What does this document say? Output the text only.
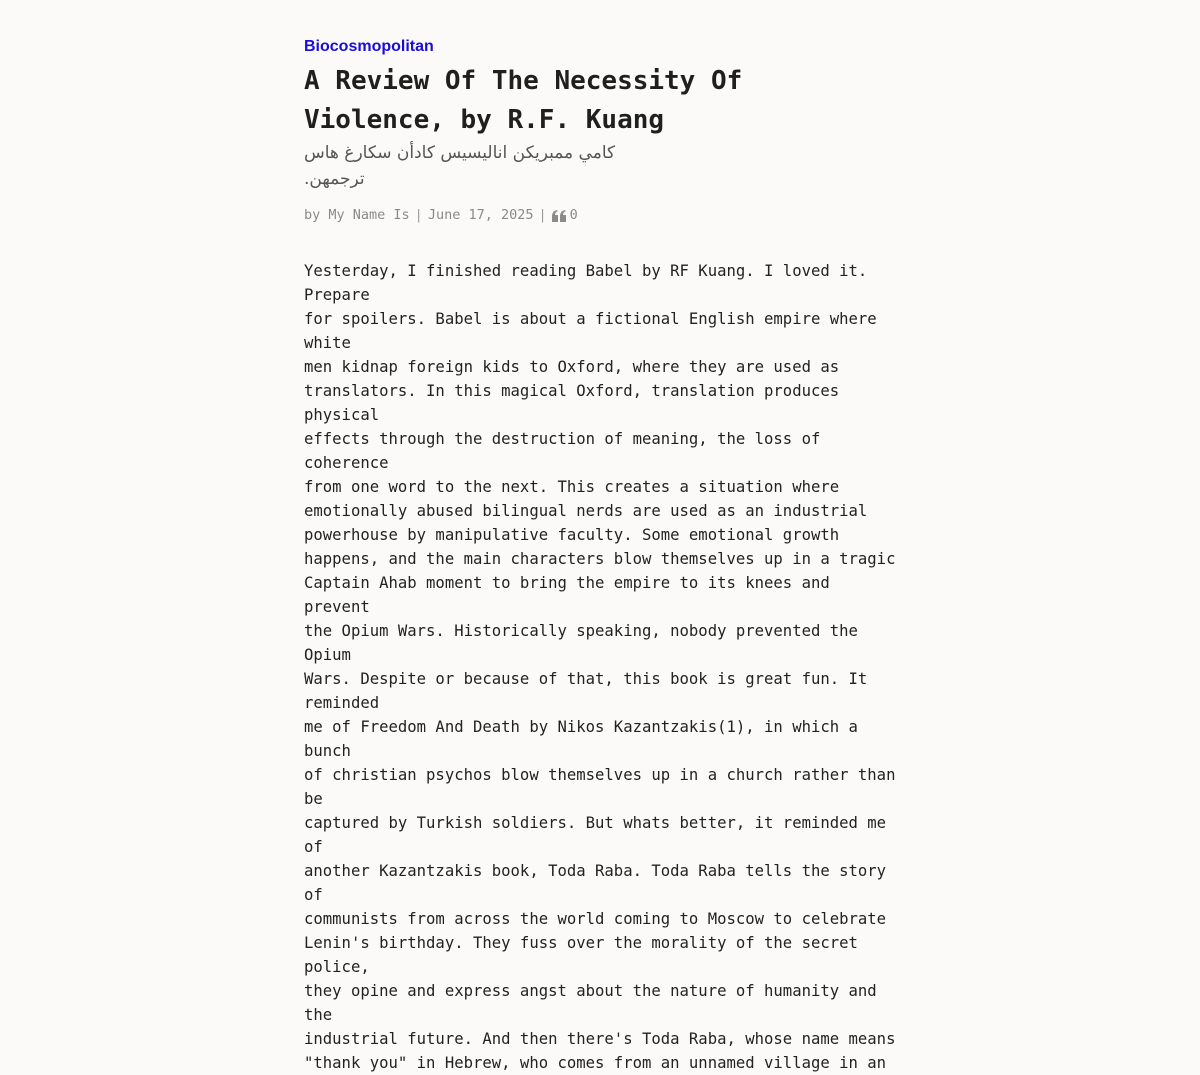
Biocosmopolitan
A Review Of The Necessity Of Violence, by R.F. Kuang
كامي ممبريكن اناليسيس كادأن سكارغ هاس ترجمهن.
by My Name Is | June 17, 2025 | 0
Yesterday, I finished reading Babel by RF Kuang. I loved it. Prepare
for spoilers. Babel is about a fictional English empire where white
men kidnap foreign kids to Oxford, where they are used as
translators. In this magical Oxford, translation produces physical
effects through the destruction of meaning, the loss of coherence
from one word to the next. This creates a situation where
emotionally abused bilingual nerds are used as an industrial
powerhouse by manipulative faculty. Some emotional growth
happens, and the main characters blow themselves up in a tragic
Captain Ahab moment to bring the empire to its knees and prevent
the Opium Wars. Historically speaking, nobody prevented the Opium
Wars. Despite or because of that, this book is great fun. It reminded
me of Freedom And Death by Nikos Kazantzakis(1), in which a bunch
of christian psychos blow themselves up in a church rather than be
captured by Turkish soldiers. But whats better, it reminded me of
another Kazantzakis book, Toda Raba. Toda Raba tells the story of
communists from across the world coming to Moscow to celebrate
Lenin's birthday. They fuss over the morality of the secret police,
they opine and express angst about the nature of humanity and the
industrial future. And then there's Toda Raba, whose name means
"thank you" in Hebrew, who comes from an unnamed village in an
